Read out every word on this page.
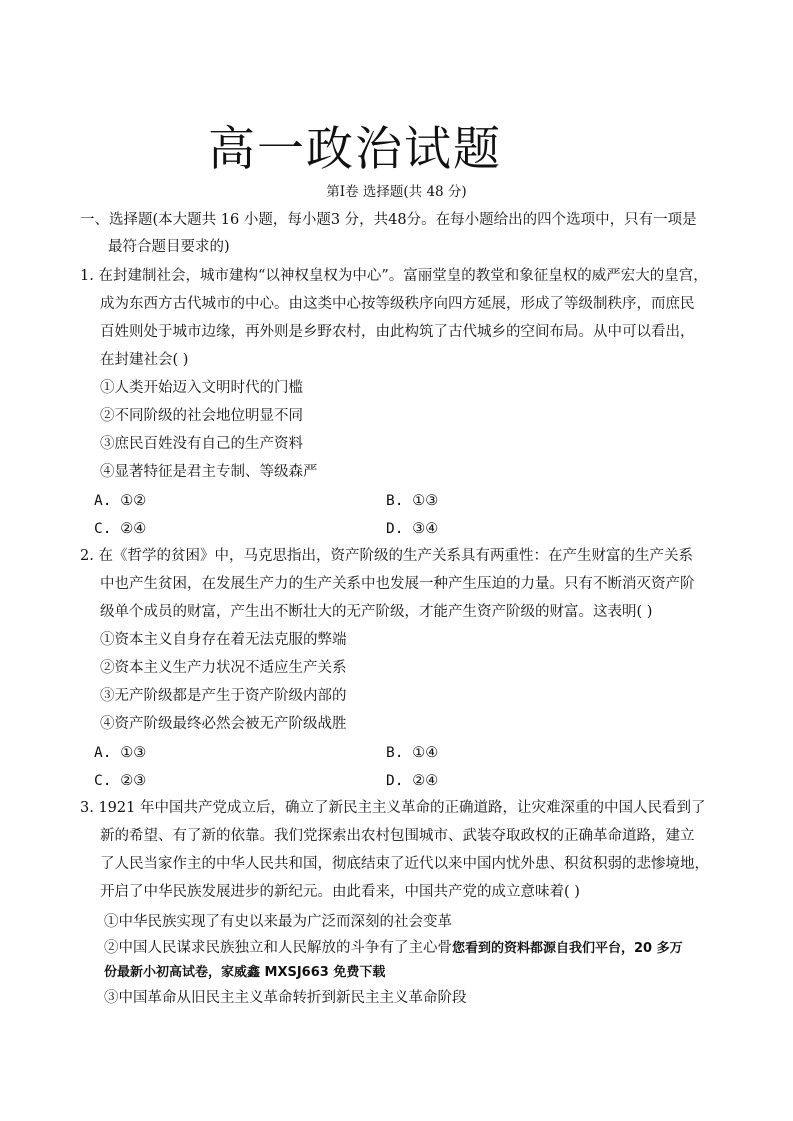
高一政治试题
第Ⅰ卷 选择题(共 48 分)
一、选择题(本大题共 16 小题，每小题3 分，共48分。在每小题给出的四个选项中，只有一项是
最符合题目要求的)
1. 在封建制社会，城市建构“以神权皇权为中心”。富丽堂皇的教堂和象征皇权的威严宏大的皇宫，
成为东西方古代城市的中心。由这类中心按等级秩序向四方延展，形成了等级制秩序，而庶民
百姓则处于城市边缘，再外则是乡野农村，由此构筑了古代城乡的空间布局。从中可以看出，
在封建社会( )
①人类开始迈入文明时代的门槛
②不同阶级的社会地位明显不同
③庶民百姓没有自己的生产资料
④显著特征是君主专制、等级森严
A. ①②	B. ①③
C. ②④	D. ③④
2. 在《哲学的贫困》中，马克思指出，资产阶级的生产关系具有两重性：在产生财富的生产关系
中也产生贫困，在发展生产力的生产关系中也发展一种产生压迫的力量。只有不断消灭资产阶
级单个成员的财富，产生出不断壮大的无产阶级，才能产生资产阶级的财富。这表明( )
①资本主义自身存在着无法克服的弊端
②资本主义生产力状况不适应生产关系
③无产阶级都是产生于资产阶级内部的
④资产阶级最终必然会被无产阶级战胜
A. ①③	B. ①④
C. ②③	D. ②④
3. 1921 年中国共产党成立后，确立了新民主主义革命的正确道路，让灾难深重的中国人民看到了
新的希望、有了新的依靠。我们党探索出农村包围城市、武装夺取政权的正确革命道路，建立
了人民当家作主的中华人民共和国，彻底结束了近代以来中国内忧外患、积贫积弱的悲惨境地，
开启了中华民族发展进步的新纪元。由此看来，中国共产党的成立意味着( )
①中华民族实现了有史以来最为广泛而深刻的社会变革
②中国人民谋求民族独立和人民解放的斗争有了主心骨您看到的资料都源自我们平台，20 多万
份最新小初高试卷，家威鑫 MXSJ663 免费下载
③中国革命从旧民主主义革命转折到新民主主义革命阶段
